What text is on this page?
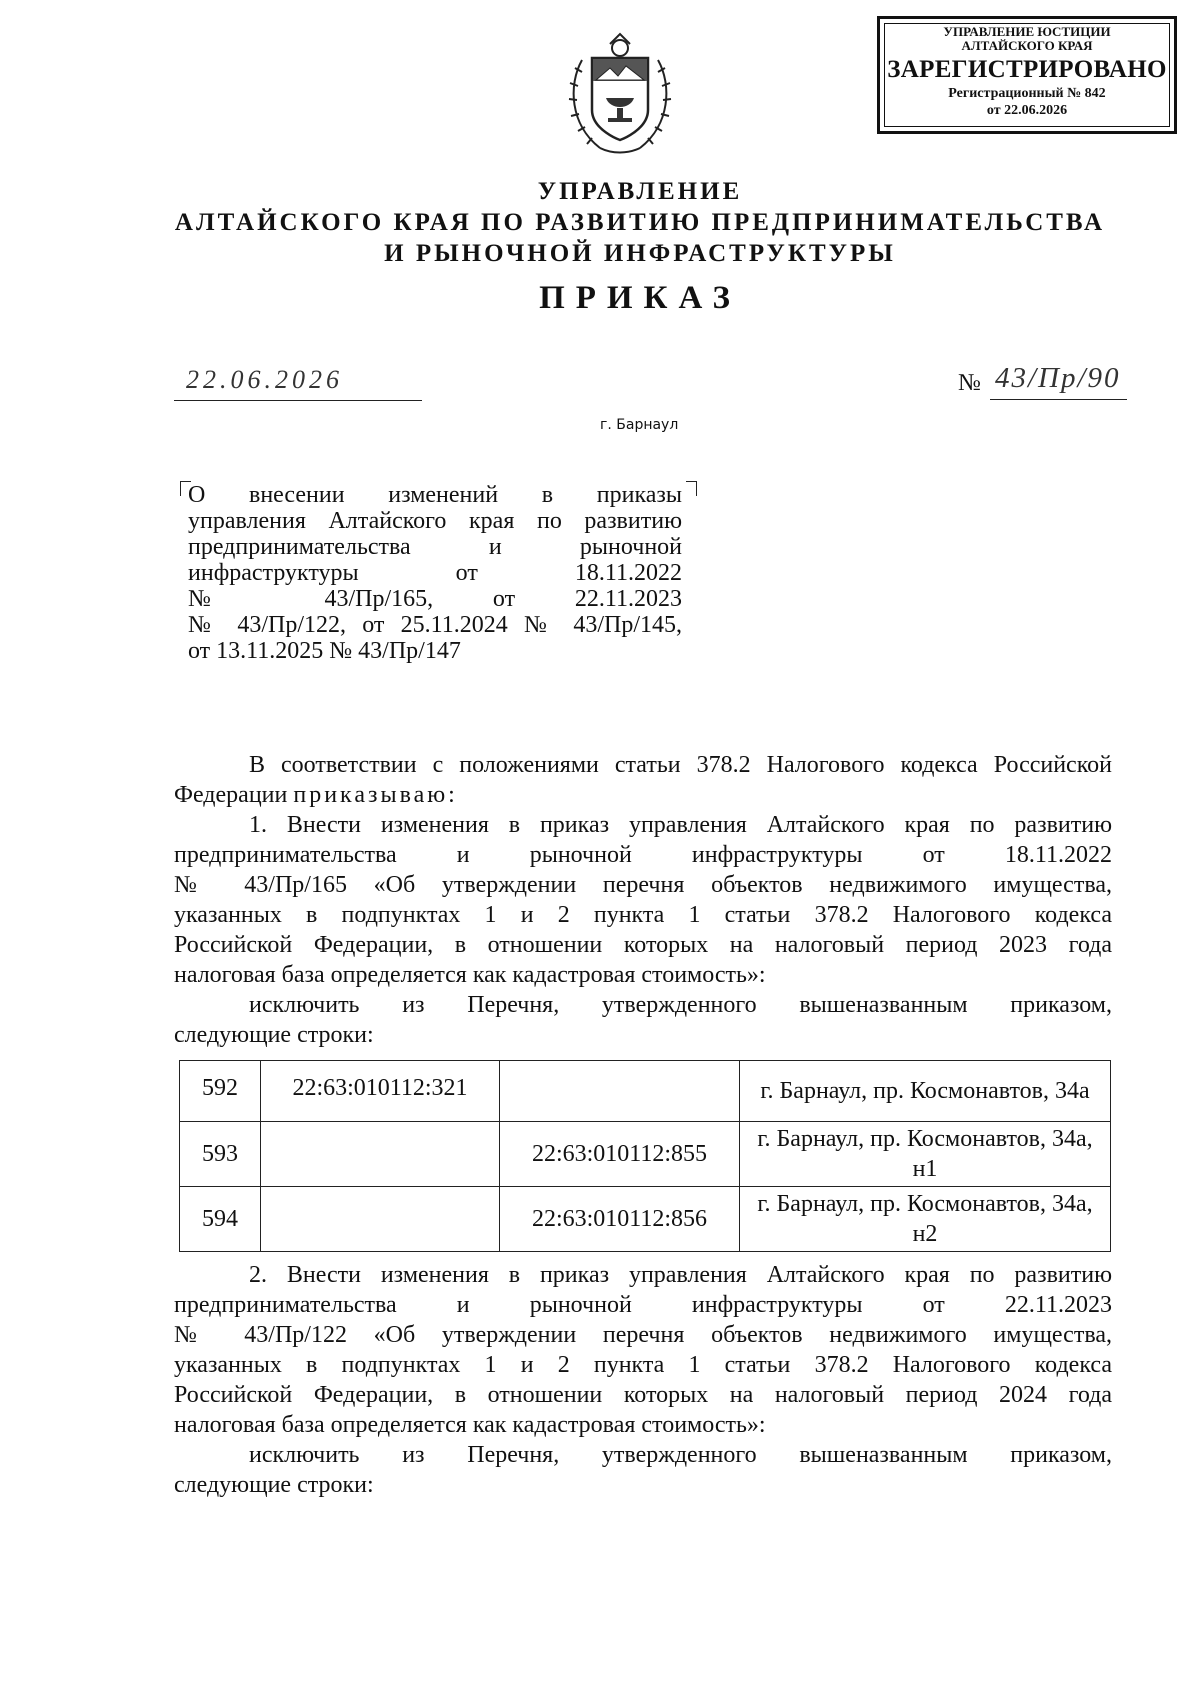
УПРАВЛЕНИЕ ЮСТИЦИИ
АЛТАЙСКОГО КРАЯ
ЗАРЕГИСТРИРОВАНО
Регистрационный № 842
от 22.06.2026
УПРАВЛЕНИЕ
АЛТАЙСКОГО КРАЯ ПО РАЗВИТИЮ ПРЕДПРИНИМАТЕЛЬСТВА
И РЫНОЧНОЙ ИНФРАСТРУКТУРЫ
ПРИКАЗ
22.06.2026	№ 43/Пр/90
г. Барнаул
О внесении изменений в приказы
управления Алтайского края по развитию
предпринимательства и рыночной
инфраструктуры от 18.11.2022
№ 43/Пр/165, от 22.11.2023
№ 43/Пр/122, от 25.11.2024 № 43/Пр/145,
от 13.11.2025 № 43/Пр/147
В соответствии с положениями статьи 378.2 Налогового кодекса Российской
Федерации приказываю:
1. Внести изменения в приказ управления Алтайского края по развитию
предпринимательства и рыночной инфраструктуры от 18.11.2022
№ 43/Пр/165 «Об утверждении перечня объектов недвижимого имущества,
указанных в подпунктах 1 и 2 пункта 1 статьи 378.2 Налогового кодекса
Российской Федерации, в отношении которых на налоговый период 2023 года
налоговая база определяется как кадастровая стоимость»:
исключить из Перечня, утвержденного вышеназванным приказом,
следующие строки:
592	22:63:010112:321		г. Барнаул, пр. Космонавтов, 34а
593		22:63:010112:855	г. Барнаул, пр. Космонавтов, 34а, н1
594		22:63:010112:856	г. Барнаул, пр. Космонавтов, 34а, н2
2. Внести изменения в приказ управления Алтайского края по развитию
предпринимательства и рыночной инфраструктуры от 22.11.2023
№ 43/Пр/122 «Об утверждении перечня объектов недвижимого имущества,
указанных в подпунктах 1 и 2 пункта 1 статьи 378.2 Налогового кодекса
Российской Федерации, в отношении которых на налоговый период 2024 года
налоговая база определяется как кадастровая стоимость»:
исключить из Перечня, утвержденного вышеназванным приказом,
следующие строки:
